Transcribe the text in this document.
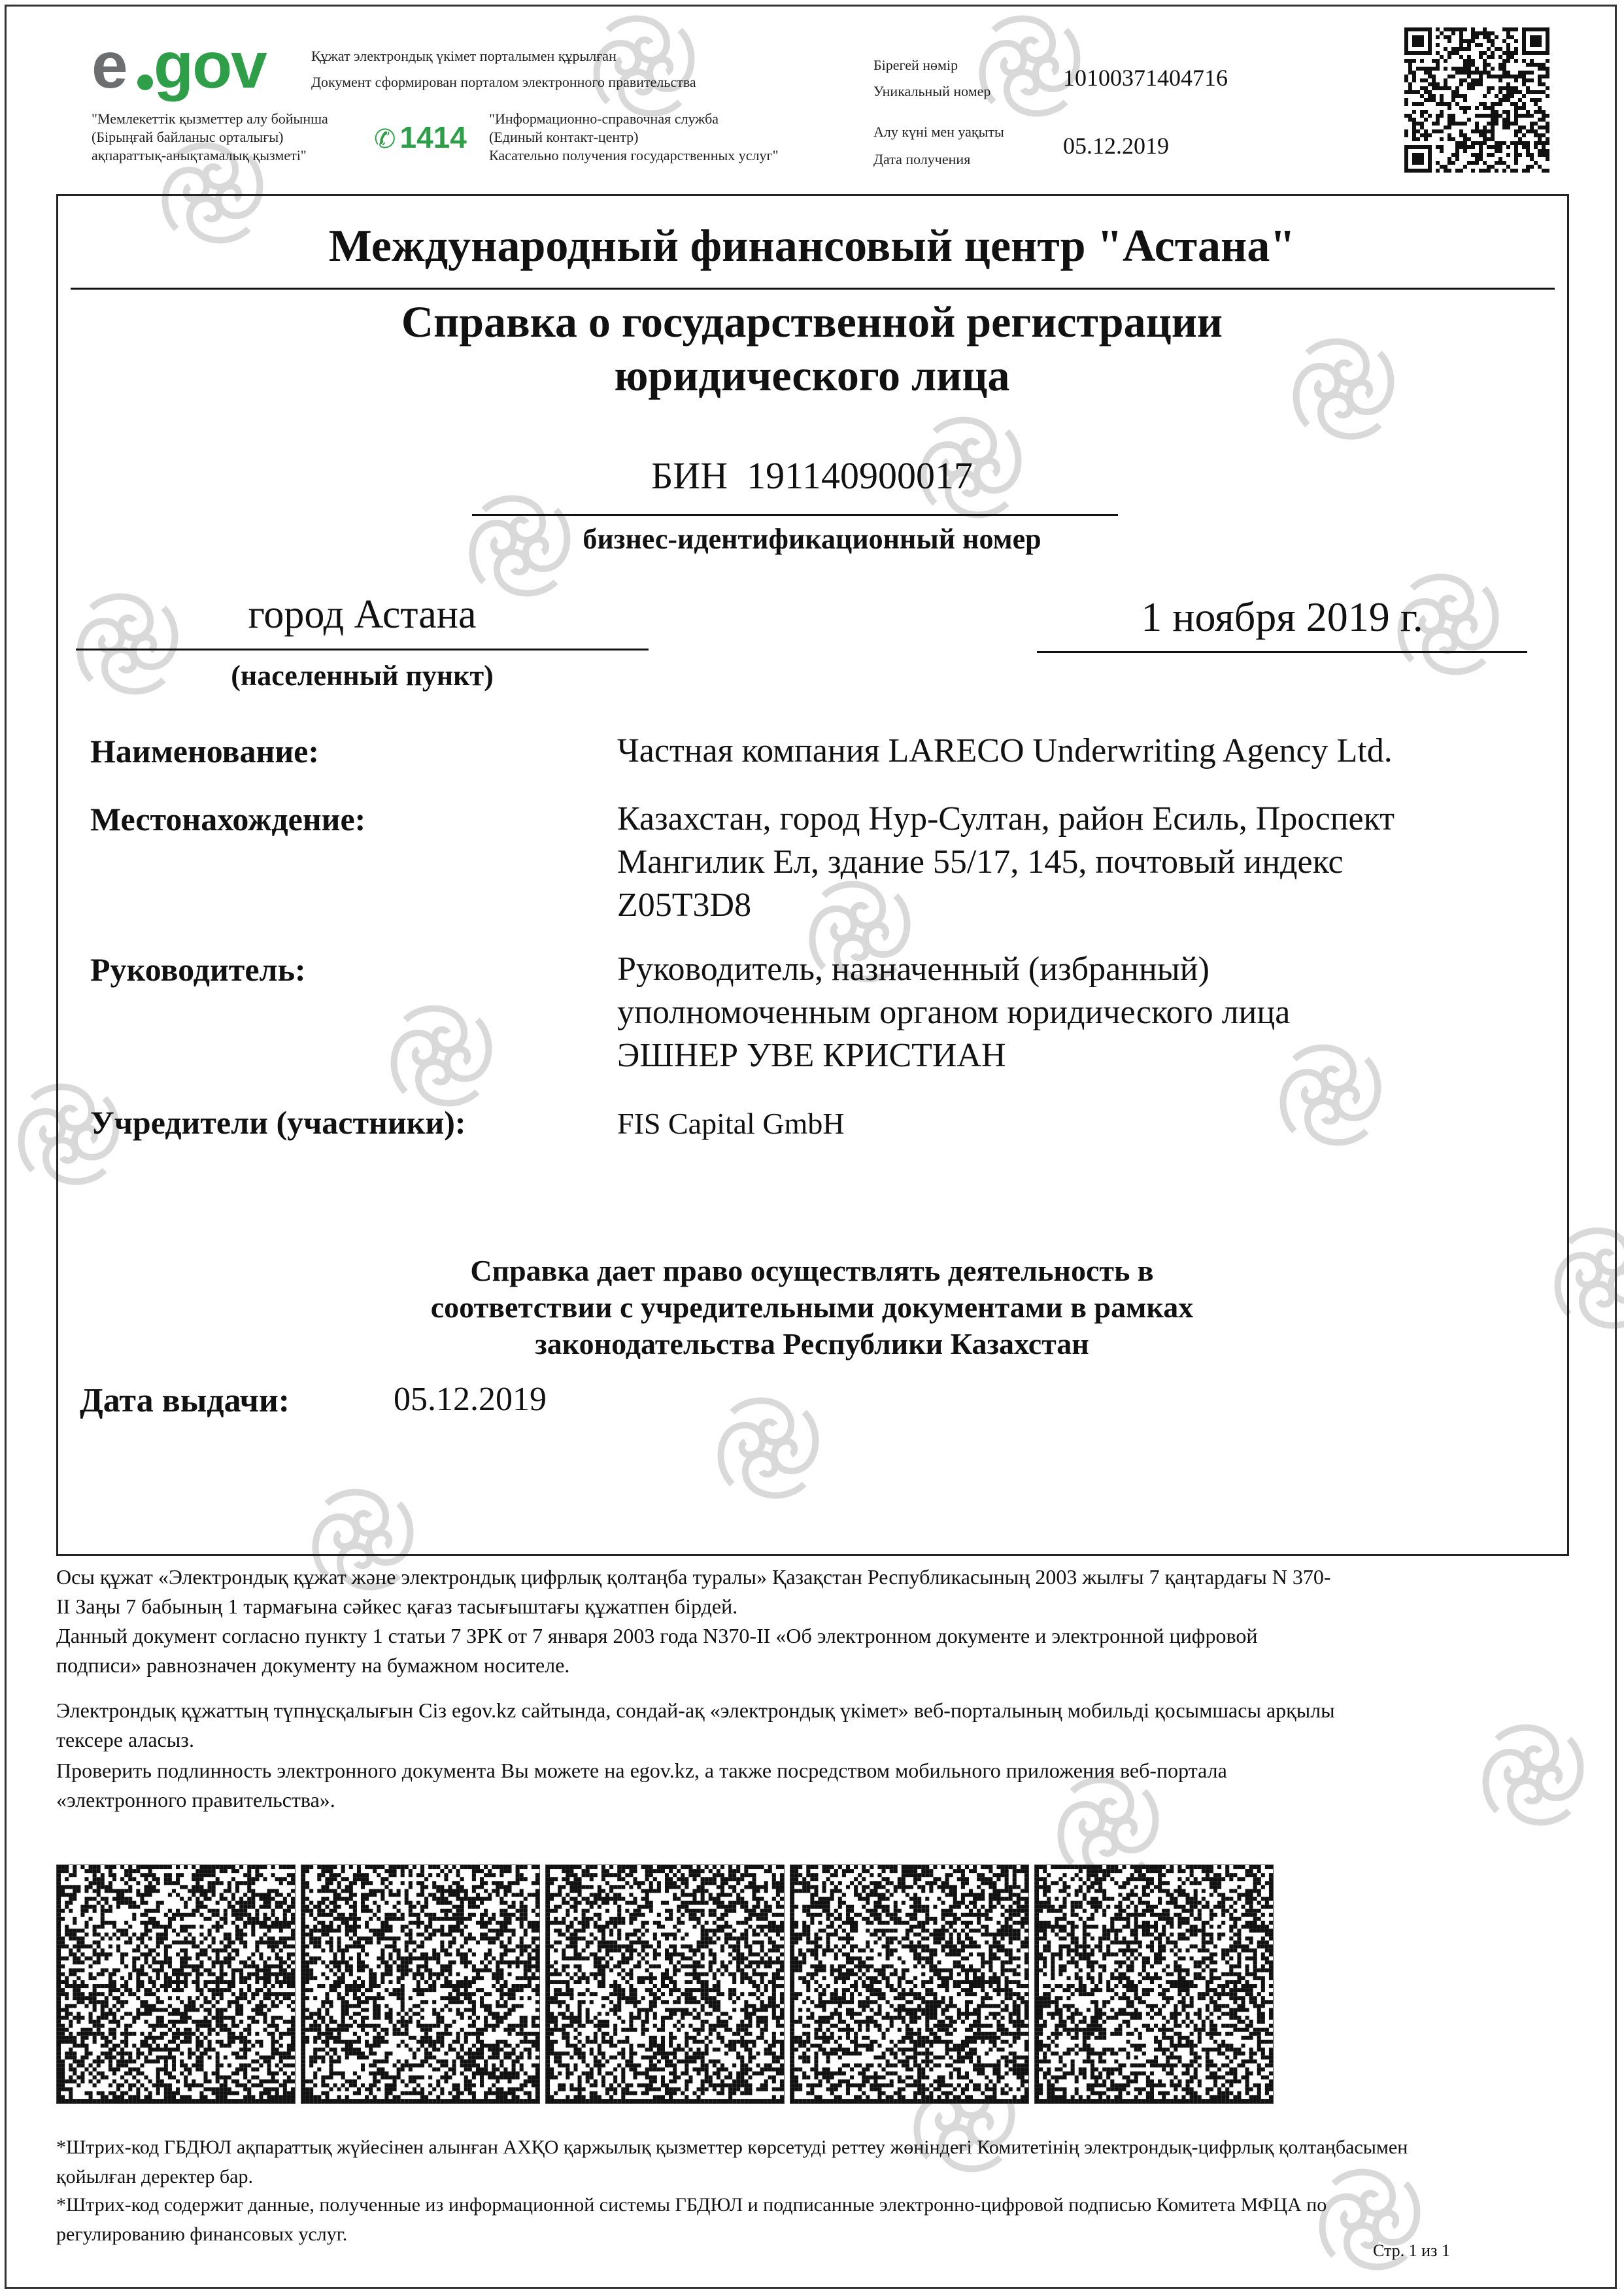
e gov	Құжат электрондық үкімет порталымен құрылған
Документ сформирован порталом электронного правительства
"Мемлекеттік қызметтер алу бойынша
(Бірыңғай байланыс орталығы)
ақпараттық-анықтамалық қызметі"
✆ 1414
"Информационно-справочная служба
(Единый контакт-центр)
Касательно получения государственных услуг"
Бірегей нөмір
Уникальный номер
10100371404716
Алу күні мен уақыты
Дата получения
05.12.2019
Международный финансовый центр "Астана"
Справка о государственной регистрации
юридического лица
БИН  191140900017
бизнес-идентификационный номер
город Астана
(населенный пункт)
1 ноября 2019 г.
Наименование:	Частная компания LARECO Underwriting Agency Ltd.
Местонахождение:	Казахстан, город Нур-Султан, район Есиль, Проспект
Мангилик Ел, здание 55/17, 145, почтовый индекс
Z05T3D8
Руководитель:	Руководитель, назначенный (избранный)
уполномоченным органом юридического лица
ЭШНЕР УВЕ КРИСТИАН
Учредители (участники):	FIS Capital GmbH
Справка дает право осуществлять деятельность в
соответствии с учредительными документами в рамках
законодательства Республики Казахстан
Дата выдачи:	05.12.2019
Осы құжат «Электрондық құжат және электрондық цифрлық қолтаңба туралы» Қазақстан Республикасының 2003 жылғы 7 қаңтардағы N 370-
II Заңы 7 бабының 1 тармағына сәйкес қағаз тасығыштағы құжатпен бірдей.
Данный документ согласно пункту 1 статьи 7 ЗРК от 7 января 2003 года N370-II «Об электронном документе и электронной цифровой
подписи» равнозначен документу на бумажном носителе.
Электрондық құжаттың түпнұсқалығын Сіз egov.kz сайтында, сондай-ақ «электрондық үкімет» веб-порталының мобильді қосымшасы арқылы
тексере аласыз.
Проверить подлинность электронного документа Вы можете на egov.kz, а также посредством мобильного приложения веб-портала
«электронного правительства».
*Штрих-код ГБДЮЛ ақпараттық жүйесінен алынған АХҚО қаржылық қызметтер көрсетуді реттеу жөніндегі Комитетінің электрондық-цифрлық қолтаңбасымен
қойылған деректер бар.
*Штрих-код содержит данные, полученные из информационной системы ГБДЮЛ и подписанные электронно-цифровой подписью Комитета МФЦА по
регулированию финансовых услуг.
Стр. 1 из 1
